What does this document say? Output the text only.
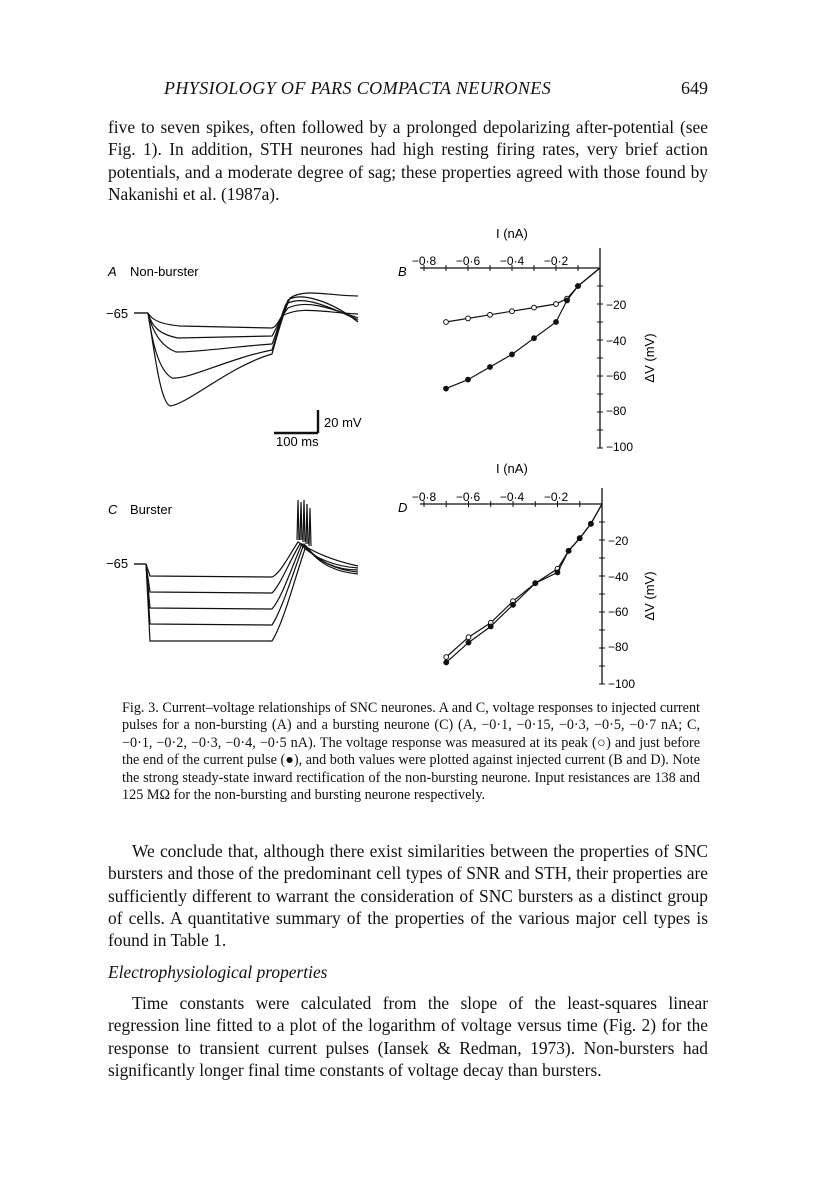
PHYSIOLOGY OF PARS COMPACTA NEURONES	649

five to seven spikes, often followed by a prolonged depolarizing after-potential (see Fig. 1). In addition, STH neurones had high resting firing rates, very brief action potentials, and a moderate degree of sag; these properties agreed with those found by Nakanishi et al. (1987a).

A Non-burster
−65
20 mV
100 ms
C Burster
−65
B
I (nA)
−0·8 −0·6 −0·4 −0·2
−20
−40
−60
−80
−100
ΔV (mV)
D
I (nA)
−0·8 −0·6 −0·4 −0·2
−20
−40
−60
−80
−100
ΔV (mV)

Fig. 3. Current–voltage relationships of SNC neurones. A and C, voltage responses to injected current pulses for a non-bursting (A) and a bursting neurone (C) (A, −0·1, −0·15, −0·3, −0·5, −0·7 nA; C, −0·1, −0·2, −0·3, −0·4, −0·5 nA). The voltage response was measured at its peak (○) and just before the end of the current pulse (●), and both values were plotted against injected current (B and D). Note the strong steady-state inward rectification of the non-bursting neurone. Input resistances are 138 and 125 MΩ for the non-bursting and bursting neurone respectively.

We conclude that, although there exist similarities between the properties of SNC bursters and those of the predominant cell types of SNR and STH, their properties are sufficiently different to warrant the consideration of SNC bursters as a distinct group of cells. A quantitative summary of the properties of the various major cell types is found in Table 1.

Electrophysiological properties

Time constants were calculated from the slope of the least-squares linear regression line fitted to a plot of the logarithm of voltage versus time (Fig. 2) for the response to transient current pulses (Iansek & Redman, 1973). Non-bursters had significantly longer final time constants of voltage decay than bursters.
